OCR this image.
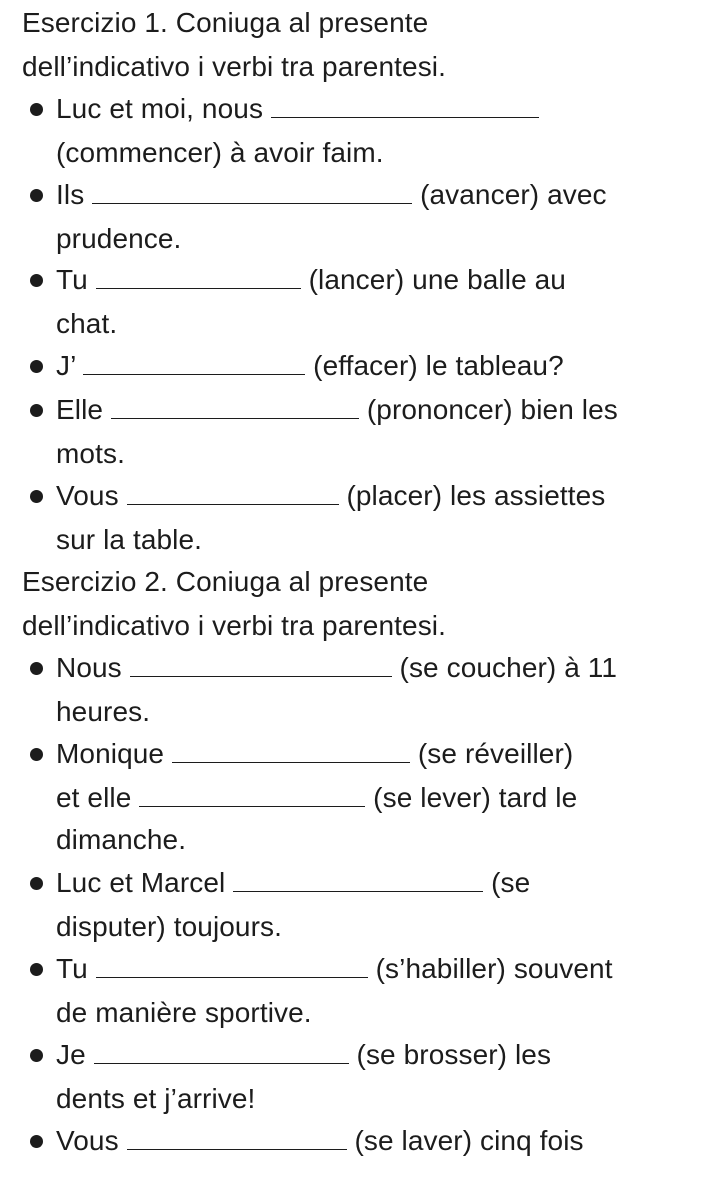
Esercizio 1. Coniuga al presente
dell’indicativo i verbi tra parentesi.
Luc et moi, nous
(commencer) à avoir faim.
Ils	(avancer) avec
prudence.
Tu	(lancer) une balle au
chat.
J’	(effacer) le tableau?
Elle	(prononcer) bien les
mots.
Vous	(placer) les assiettes
sur la table.
Esercizio 2. Coniuga al presente
dell’indicativo i verbi tra parentesi.
Nous	(se coucher) à 11
heures.
Monique	(se réveiller)
et elle	(se lever) tard le
dimanche.
Luc et Marcel	(se
disputer) toujours.
Tu	(s’habiller) souvent
de manière sportive.
Je	(se brosser) les
dents et j’arrive!
Vous	(se laver) cinq fois
